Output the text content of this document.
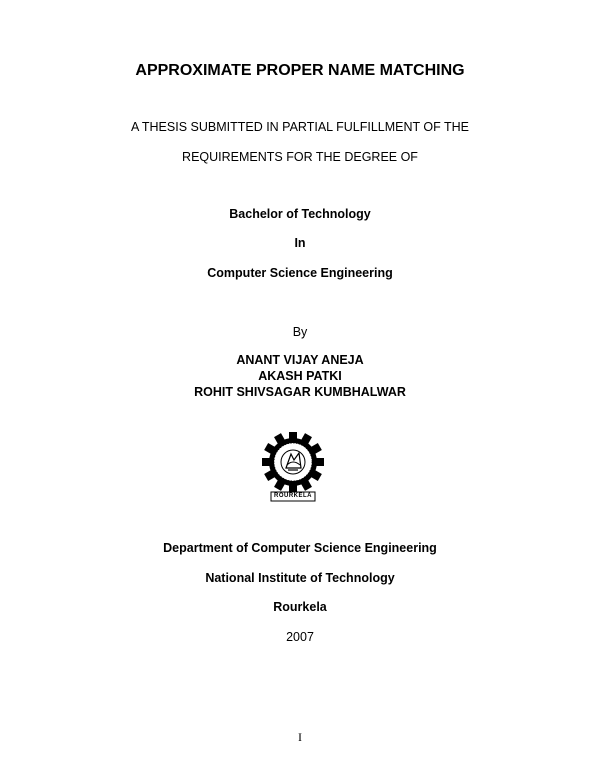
APPROXIMATE PROPER NAME MATCHING
A THESIS SUBMITTED IN PARTIAL FULFILLMENT OF THE
REQUIREMENTS FOR THE DEGREE OF
Bachelor of Technology
In
Computer Science Engineering
By
ANANT VIJAY ANEJA
AKASH PATKI
ROHIT SHIVSAGAR KUMBHALWAR
ROURKELA
Department of Computer Science Engineering
National Institute of Technology
Rourkela
2007
I
